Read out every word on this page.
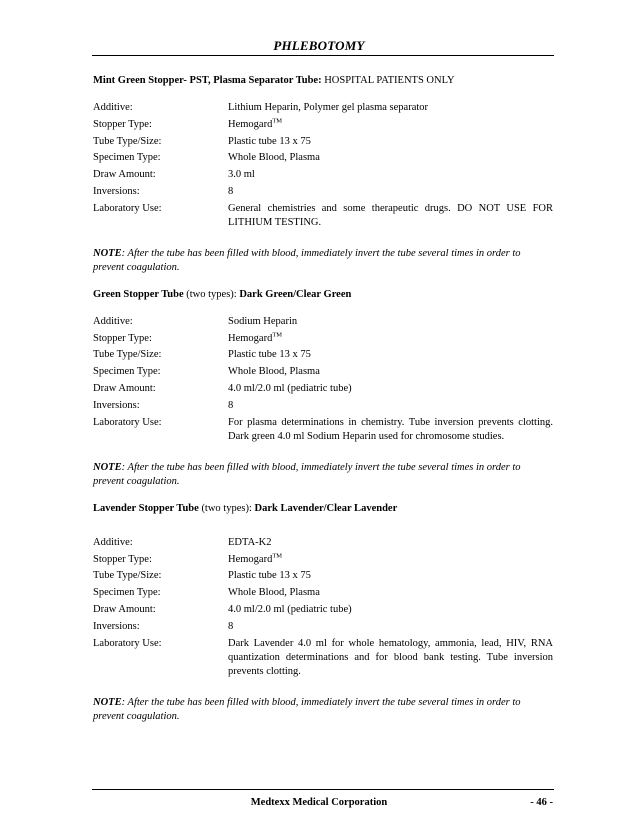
PHLEBOTOMY

Mint Green Stopper- PST, Plasma Separator Tube: HOSPITAL PATIENTS ONLY

Additive:	Lithium Heparin, Polymer gel plasma separator
Stopper Type:	Hemogard™
Tube Type/Size:	Plastic tube 13 x 75
Specimen Type:	Whole Blood, Plasma
Draw Amount:	3.0 ml
Inversions:	8
Laboratory Use:	General chemistries and some therapeutic drugs. DO NOT USE FOR LITHIUM TESTING.

NOTE: After the tube has been filled with blood, immediately invert the tube several times in order to prevent coagulation.

Green Stopper Tube (two types): Dark Green/Clear Green

Additive:	Sodium Heparin
Stopper Type:	Hemogard™
Tube Type/Size:	Plastic tube 13 x 75
Specimen Type:	Whole Blood, Plasma
Draw Amount:	4.0 ml/2.0 ml (pediatric tube)
Inversions:	8
Laboratory Use:	For plasma determinations in chemistry. Tube inversion prevents clotting. Dark green 4.0 ml Sodium Heparin used for chromosome studies.

NOTE: After the tube has been filled with blood, immediately invert the tube several times in order to prevent coagulation.

Lavender Stopper Tube (two types): Dark Lavender/Clear Lavender

Additive:	EDTA-K2
Stopper Type:	Hemogard™
Tube Type/Size:	Plastic tube 13 x 75
Specimen Type:	Whole Blood, Plasma
Draw Amount:	4.0 ml/2.0 ml (pediatric tube)
Inversions:	8
Laboratory Use:	Dark Lavender 4.0 ml for whole hematology, ammonia, lead, HIV, RNA quantization determinations and for blood bank testing. Tube inversion prevents clotting.

NOTE: After the tube has been filled with blood, immediately invert the tube several times in order to prevent coagulation.

Medtexx Medical Corporation	- 46 -
